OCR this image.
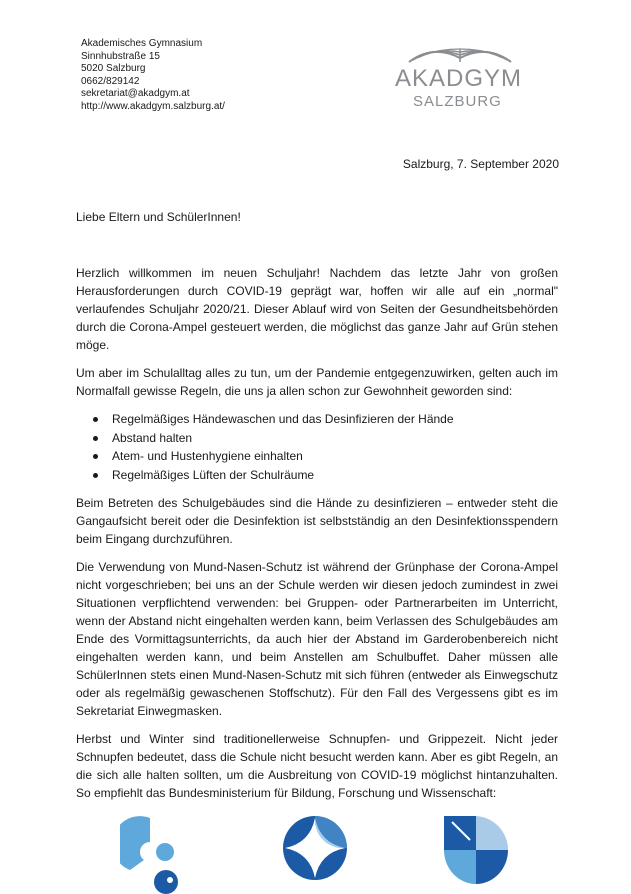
Akademisches Gymnasium
Sinnhubstraße 15
5020 Salzburg
0662/829142
sekretariat@akadgym.at
http://www.akadgym.salzburg.at/
AKADGYM
SALZBURG
Salzburg, 7. September 2020
Liebe Eltern und SchülerInnen!

Herzlich willkommen im neuen Schuljahr! Nachdem das letzte Jahr von großen Herausforderungen durch COVID-19 geprägt war, hoffen wir alle auf ein „normal" verlaufendes Schuljahr 2020/21. Dieser Ablauf wird von Seiten der Gesundheitsbehörden durch die Corona-Ampel gesteuert werden, die möglichst das ganze Jahr auf Grün stehen möge.

Um aber im Schulalltag alles zu tun, um der Pandemie entgegenzuwirken, gelten auch im Normalfall gewisse Regeln, die uns ja allen schon zur Gewohnheit geworden sind:

Regelmäßiges Händewaschen und das Desinfizieren der Hände
Abstand halten
Atem- und Hustenhygiene einhalten
Regelmäßiges Lüften der Schulräume

Beim Betreten des Schulgebäudes sind die Hände zu desinfizieren – entweder steht die Gangaufsicht bereit oder die Desinfektion ist selbstständig an den Desinfektionsspendern beim Eingang durchzuführen.

Die Verwendung von Mund-Nasen-Schutz ist während der Grünphase der Corona-Ampel nicht vorgeschrieben; bei uns an der Schule werden wir diesen jedoch zumindest in zwei Situationen verpflichtend verwenden: bei Gruppen- oder Partnerarbeiten im Unterricht, wenn der Abstand nicht eingehalten werden kann, beim Verlassen des Schulgebäudes am Ende des Vormittagsunterrichts, da auch hier der Abstand im Garderobenbereich nicht eingehalten werden kann, und beim Anstellen am Schulbuffet. Daher müssen alle SchülerInnen stets einen Mund-Nasen-Schutz mit sich führen (entweder als Einwegschutz oder als regelmäßig gewaschenen Stoffschutz). Für den Fall des Vergessens gibt es im Sekretariat Einwegmasken.

Herbst und Winter sind traditionellerweise Schnupfen- und Grippezeit. Nicht jeder Schnupfen bedeutet, dass die Schule nicht besucht werden kann. Aber es gibt Regeln, an die sich alle halten sollten, um die Ausbreitung von COVID-19 möglichst hintanzuhalten. So empfiehlt das Bundesministerium für Bildung, Forschung und Wissenschaft:
